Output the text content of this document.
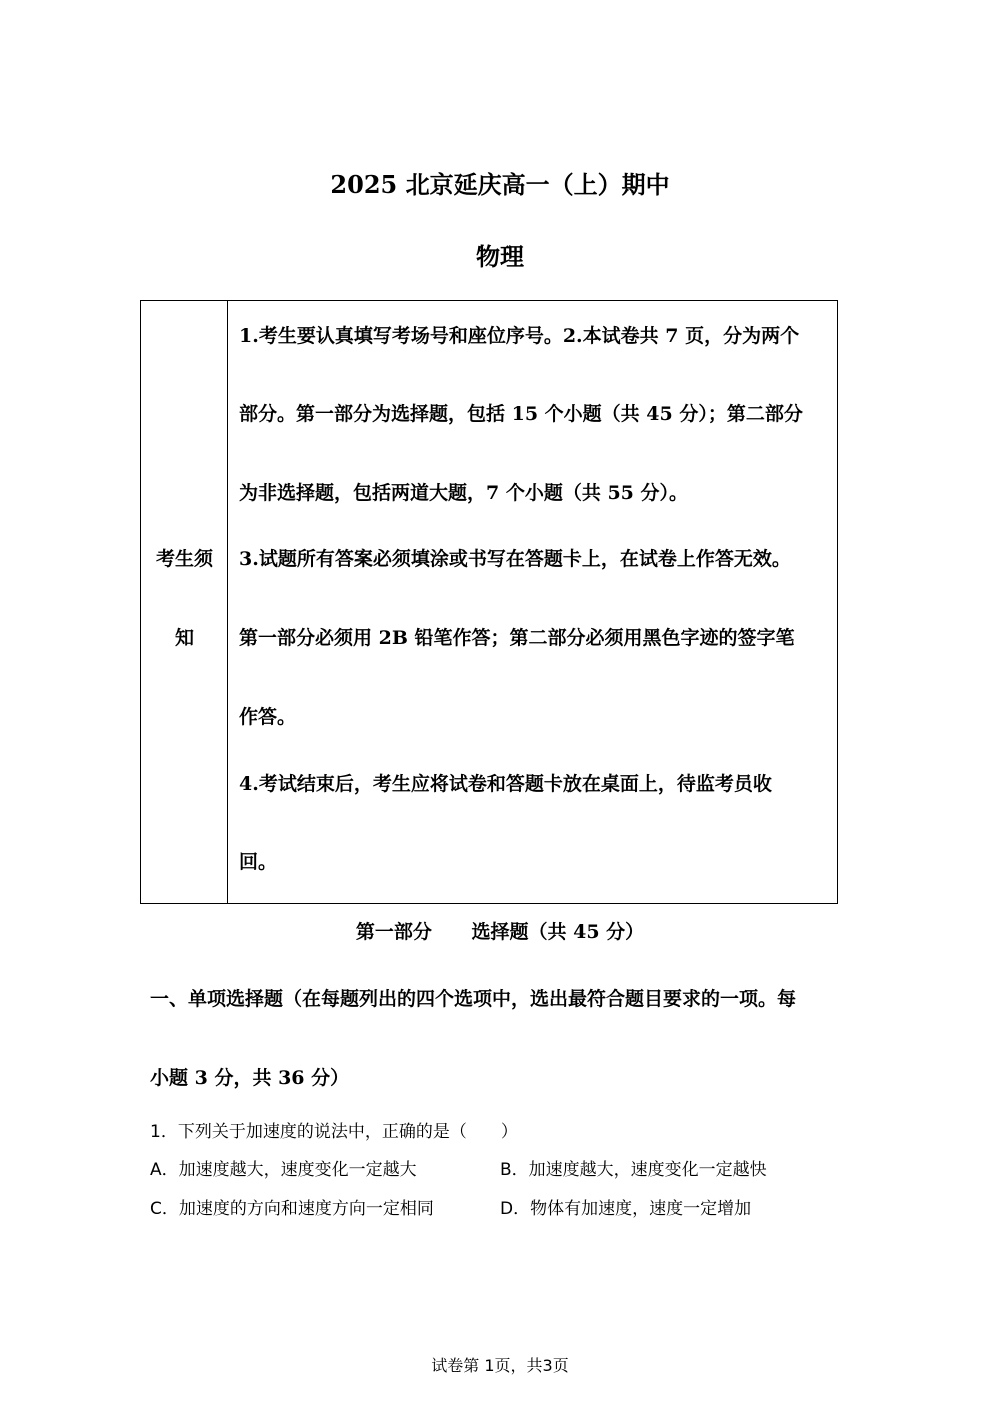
2025 北京延庆高一（上）期中
物理
考生须
知
1.考生要认真填写考场号和座位序号。2.本试卷共 7 页，分为两个
部分。第一部分为选择题，包括 15 个小题（共 45 分）；第二部分
为非选择题，包括两道大题，7 个小题（共 55 分）。
3.试题所有答案必须填涂或书写在答题卡上，在试卷上作答无效。
第一部分必须用 2B 铅笔作答；第二部分必须用黑色字迹的签字笔
作答。
4.考试结束后，考生应将试卷和答题卡放在桌面上，待监考员收
回。
第一部分      选择题（共 45 分）
一、单项选择题（在每题列出的四个选项中，选出最符合题目要求的一项。每
小题 3 分，共 36 分）
1．下列关于加速度的说法中，正确的是（　　）
A．加速度越大，速度变化一定越大	B．加速度越大，速度变化一定越快
C．加速度的方向和速度方向一定相同	D．物体有加速度，速度一定增加
试卷第 1页，共3页
